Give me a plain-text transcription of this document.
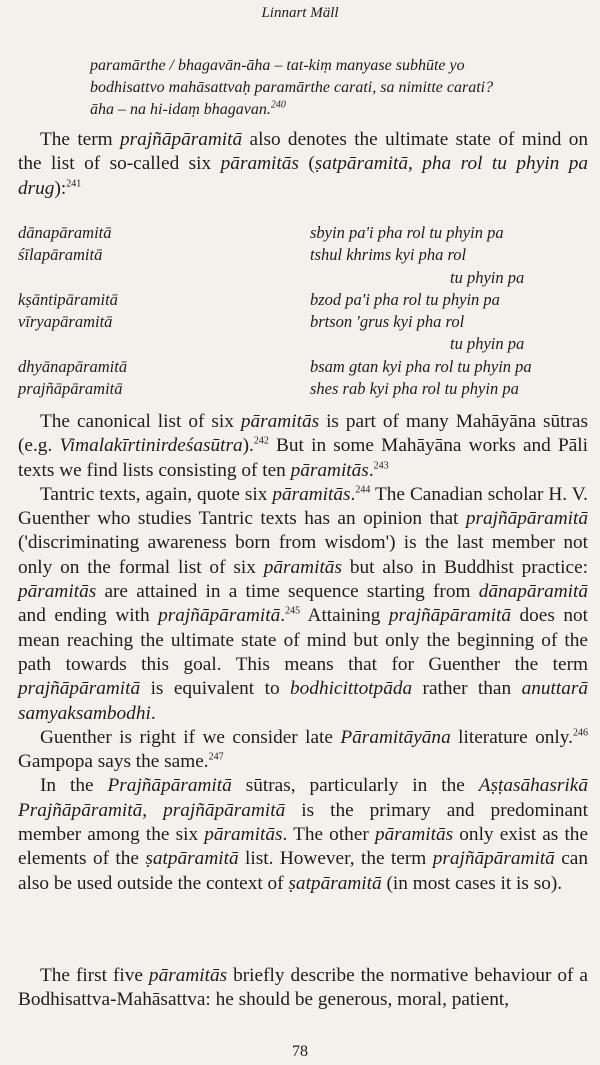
Linnart Mäll
paramārthe / bhagavān-āha – tat-kiṃ manyase subhūte yo
bodhisattvo mahāsattvaḥ paramārthe carati, sa nimitte carati?
āha – na hi-idaṃ bhagavan.$^{240}$

The term prajñāpāramitā also denotes the ultimate state of mind on the list of so-called six pāramitās (ṣatpāramitā, pha rol tu phyin pa drug):$^{241}$

dānapāramitā	sbyin pa'i pha rol tu phyin pa
śīlapāramitā	tshul khrims kyi pha rol
tu phyin pa
kṣāntipāramitā	bzod pa'i pha rol tu phyin pa
vīryapāramitā	brtson 'grus kyi pha rol
tu phyin pa
dhyānapāramitā	bsam gtan kyi pha rol tu phyin pa
prajñāpāramitā	shes rab kyi pha rol tu phyin pa

The canonical list of six pāramitās is part of many Mahāyāna sūtras (e.g. Vimalakīrtinirdeśasūtra).$^{242}$ But in some Mahāyāna works and Pāli texts we find lists consisting of ten pāramitās.$^{243}$

Tantric texts, again, quote six pāramitās.$^{244}$ The Canadian scholar H. V. Guenther who studies Tantric texts has an opinion that prajñāpāramitā ('discriminating awareness born from wisdom') is the last member not only on the formal list of six pāramitās but also in Buddhist practice: pāramitās are attained in a time sequence starting from dānapāramitā and ending with prajñāpāramitā.$^{245}$ Attaining prajñāpāramitā does not mean reaching the ultimate state of mind but only the beginning of the path towards this goal. This means that for Guenther the term prajñāpāramitā is equivalent to bodhicittotpāda rather than anuttarā samyaksambodhi.

Guenther is right if we consider late Pāramitāyāna literature only.$^{246}$ Gampopa says the same.$^{247}$

In the Prajñāpāramitā sūtras, particularly in the Aṣṭasāhasrikā Prajñāpāramitā, prajñāpāramitā is the primary and predominant member among the six pāramitās. The other pāramitās only exist as the elements of the ṣatpāramitā list. However, the term prajñāpāramitā can also be used outside the context of ṣatpāramitā (in most cases it is so).

The first five pāramitās briefly describe the normative behaviour of a Bodhisattva-Mahāsattva: he should be generous, moral, patient,

78
